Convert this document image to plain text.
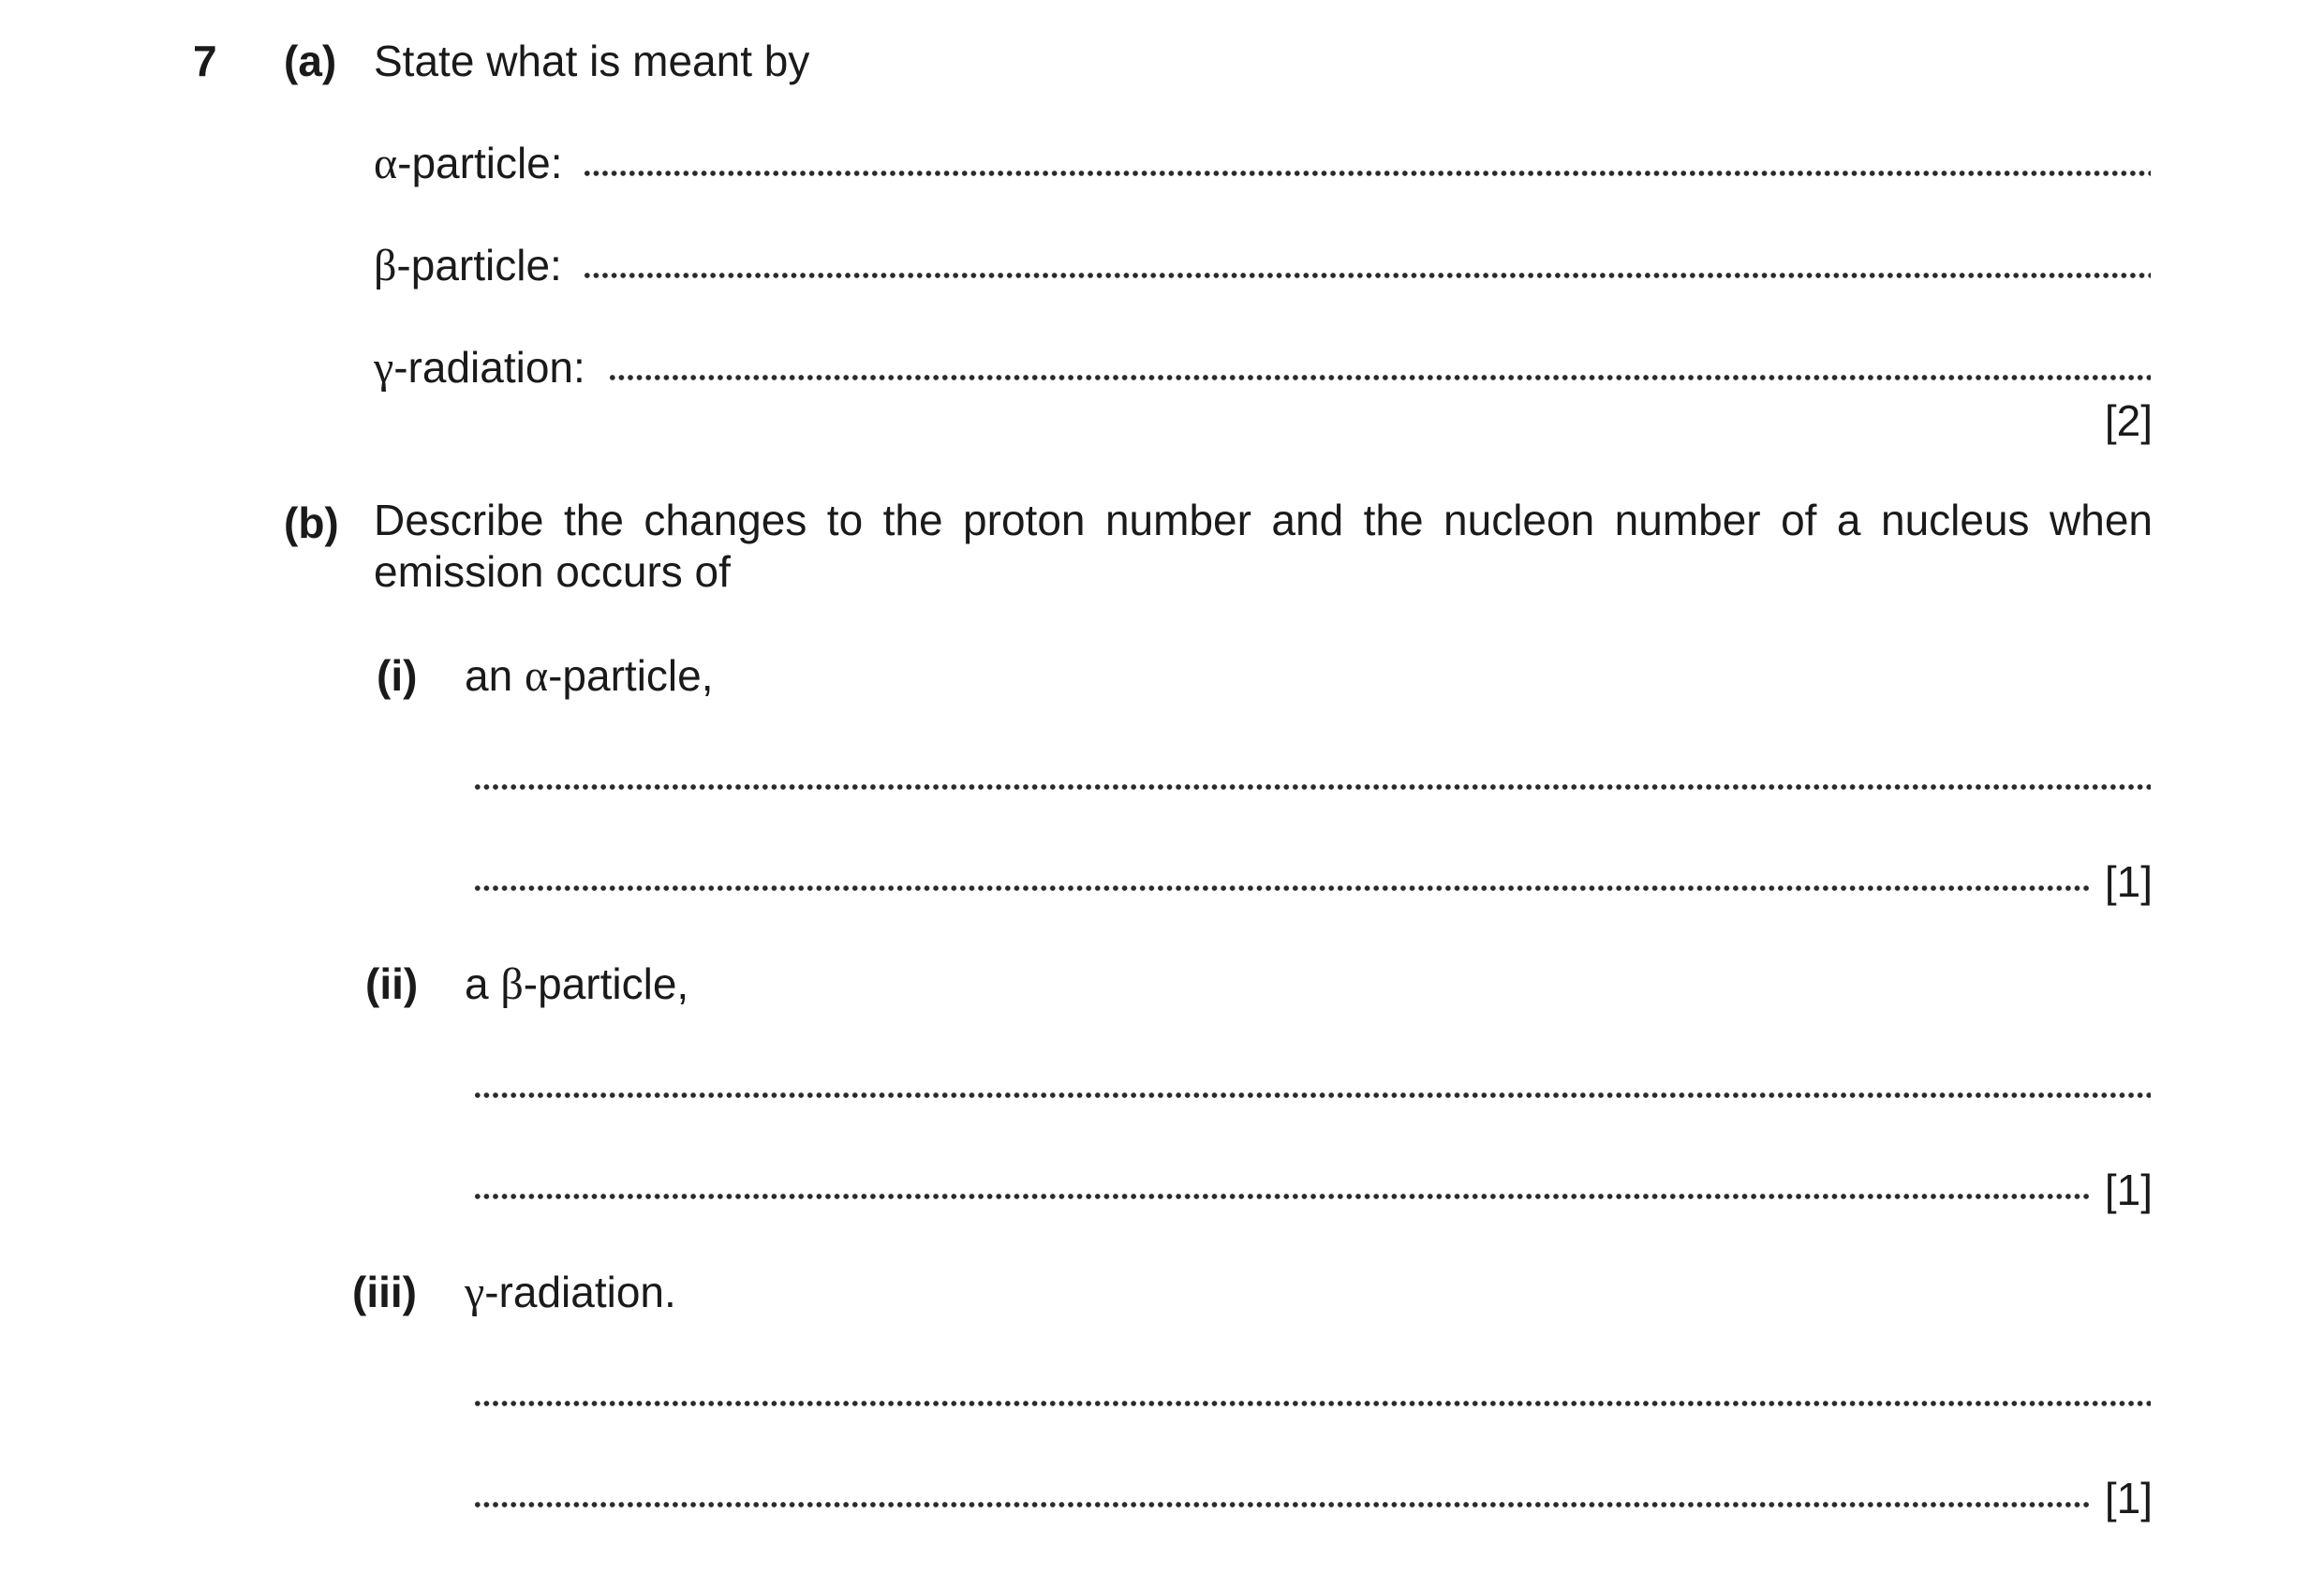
7 (a) State what is meant by
α-particle:
β-particle:
γ-radiation:
[2]
(b) Describe the changes to the proton number and the nucleon number of a nucleus when emission occurs of
(i) an α-particle,
[1]
(ii) a β-particle,
[1]
(iii) γ-radiation.
[1]
